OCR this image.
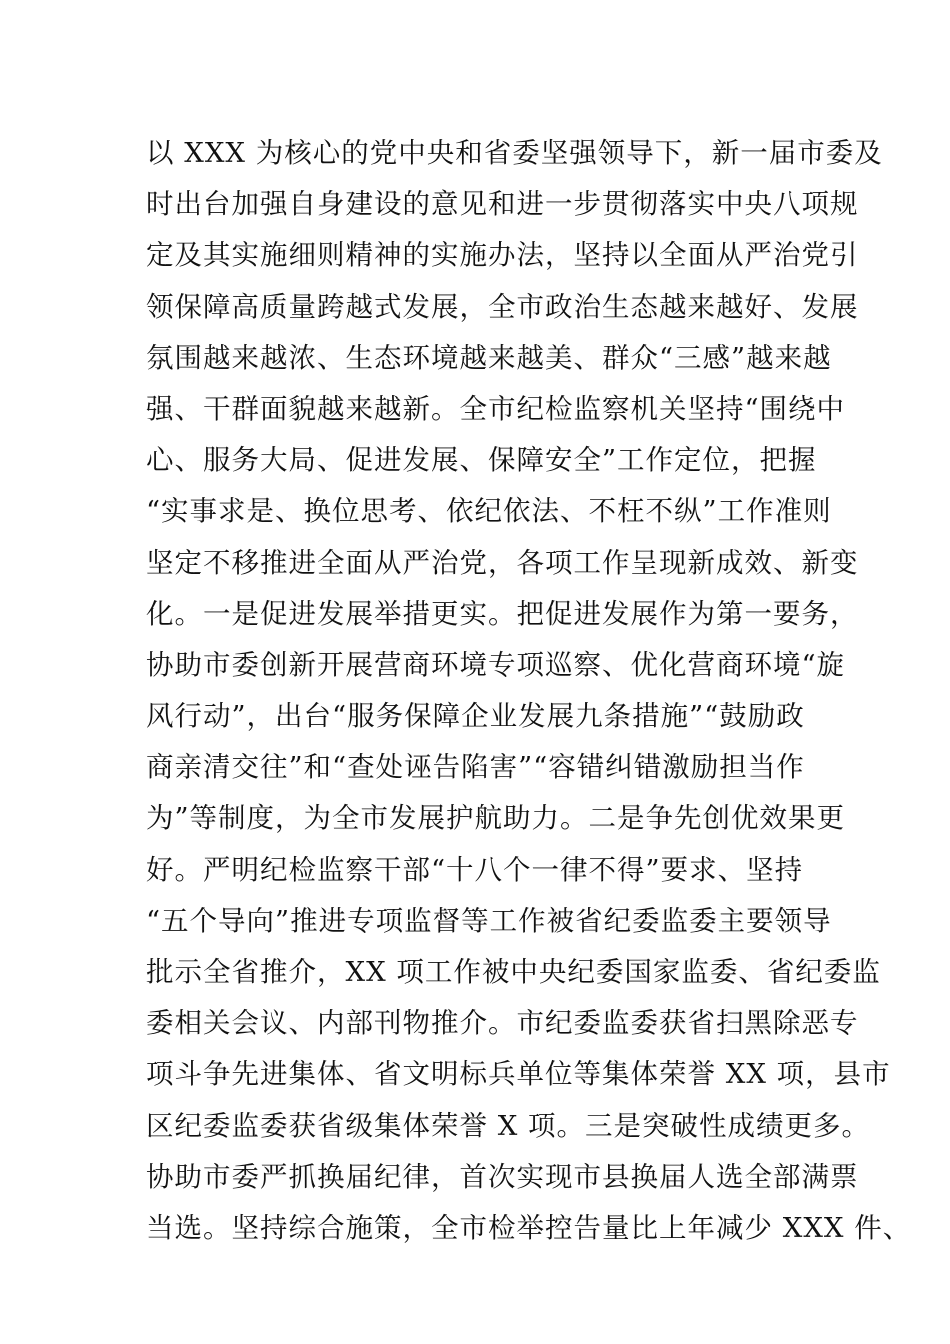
以 XXX 为核心的党中央和省委坚强领导下，新一届市委及
时出台加强自身建设的意见和进一步贯彻落实中央八项规
定及其实施细则精神的实施办法，坚持以全面从严治党引
领保障高质量跨越式发展，全市政治生态越来越好、发展
氛围越来越浓、生态环境越来越美、群众“三感”越来越
强、干群面貌越来越新。全市纪检监察机关坚持“围绕中
心、服务大局、促进发展、保障安全”工作定位，把握
“实事求是、换位思考、依纪依法、不枉不纵”工作准则
坚定不移推进全面从严治党，各项工作呈现新成效、新变
化。一是促进发展举措更实。把促进发展作为第一要务，
协助市委创新开展营商环境专项巡察、优化营商环境“旋
风行动”，出台“服务保障企业发展九条措施”“鼓励政
商亲清交往”和“查处诬告陷害”“容错纠错激励担当作
为”等制度，为全市发展护航助力。二是争先创优效果更
好。严明纪检监察干部“十八个一律不得”要求、坚持
“五个导向”推进专项监督等工作被省纪委监委主要领导
批示全省推介，XX 项工作被中央纪委国家监委、省纪委监
委相关会议、内部刊物推介。市纪委监委获省扫黑除恶专
项斗争先进集体、省文明标兵单位等集体荣誉 XX 项，县市
区纪委监委获省级集体荣誉 X 项。三是突破性成绩更多。
协助市委严抓换届纪律，首次实现市县换届人选全部满票
当选。坚持综合施策，全市检举控告量比上年减少 XXX 件、
